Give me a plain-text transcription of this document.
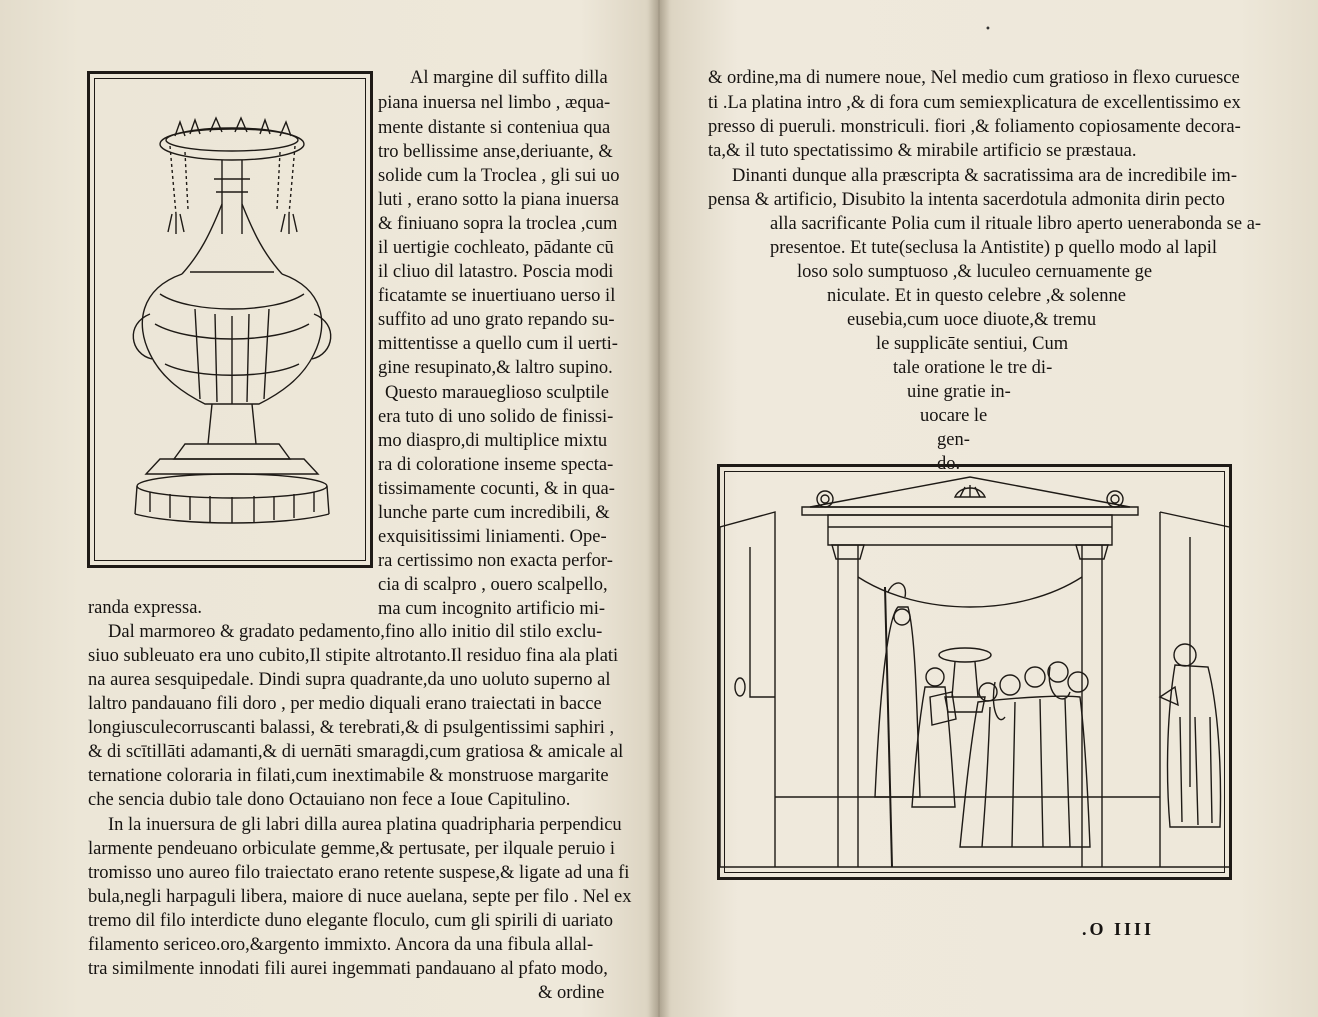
Al margine dil suffito dilla
piana inuersa nel limbo , æqua-
mente distante si conteniua qua
tro bellissime anse,deriuante, &
solide cum la Troclea , gli sui uo
luti , erano sotto la piana inuersa
& finiuano sopra la troclea ,cum
il uertigie cochleato, pādante cū
il cliuo dil latastro. Poscia modi
ficatamte se inuertiuano uerso il
suffito ad uno grato repando su-
mittentisse a quello cum il uerti-
gine resupinato,& laltro supino.
Questo marauegliosо sculptile
era tuto di uno solido de finissi-
mo diaspro,di multiplice mixtu
ra di coloratione inseme specta-
tissimamente cocunti, & in qua-
lunche parte cum incredibili, &
exquisitissimi liniamenti. Ope-
ra certissimo non exacta perfor-
cia di scalpro , ouero scalpello,
ma cum incognito artificio mi-
randa expressa.
Dal marmoreo & gradato pedamento,fino allo initio dil stilo exclu-
siuo subleuato era uno cubito,Il stipite altrotanto.Il residuo fina ala plati
na aurea sesquipedale. Dindi supra quadrante,da uno uoluto superno al
laltro pandauano fili doro , per medio diquali erano traiectati in bacce
longiusculecorruscanti balassi, & terebrati,& di psulgentissimi saphiri ,
& di scītillāti adamanti,& di uernāti smaragdi,cum gratiosa & amicale al
ternatione coloraria in filati,cum inextimabile & monstruose margarite
che sencia dubio tale dono Octauiano non fece a Ioue Capitulino.
In la inuersura de gli labri dilla aurea platina quadripharia perpendicu
larmente pendeuano orbiculate gemme,& pertusate, per ilquale peruio i
tromisso uno aureo filo traiectato erano retente suspese,& ligate ad una fi
bula,negli harpaguli libera, maiore di nuce auelana, septe per filo . Nel ex
tremo dil filo interdicte duno elegante floculo, cum gli spirili di uariato
filamento sericeo.oro,&argento immixto. Ancora da una fibula allal-
tra similmente innodati fili aurei ingemmati pandauano al pfato modo,
& ordine
•
& ordine,ma di numere noue, Nel medio cum gratioso in flexo curuesce
ti .La platina intro ,& di fora cum semiexplicatura de excellentissimo ex
presso di pueruli. monstriculi. fiori ,& foliamento copiosamente decora-
ta,& il tuto spectatissimo & mirabile artificio se præstaua.
Dinanti dunque alla præscripta & sacratissima ara de incredibile im-
pensa & artificio, Disubito la intenta sacerdotula admonita dirin pecto
alla sacrificante Polia cum il rituale libro aperto uenerabonda se a-
presentoe. Et tute(seclusa la Antistite) p quello modo al lapil
loso solo sumptuoso ,& luculeo cernuamente ge
niculate. Et in questo celebre ,& solenne
eusebia,cum uoce diuote,& tremu
le supplicāte sentiui, Cum
tale oratione le tre di-
uine gratie in-
uocare le
gen-
do.
.O IIII
